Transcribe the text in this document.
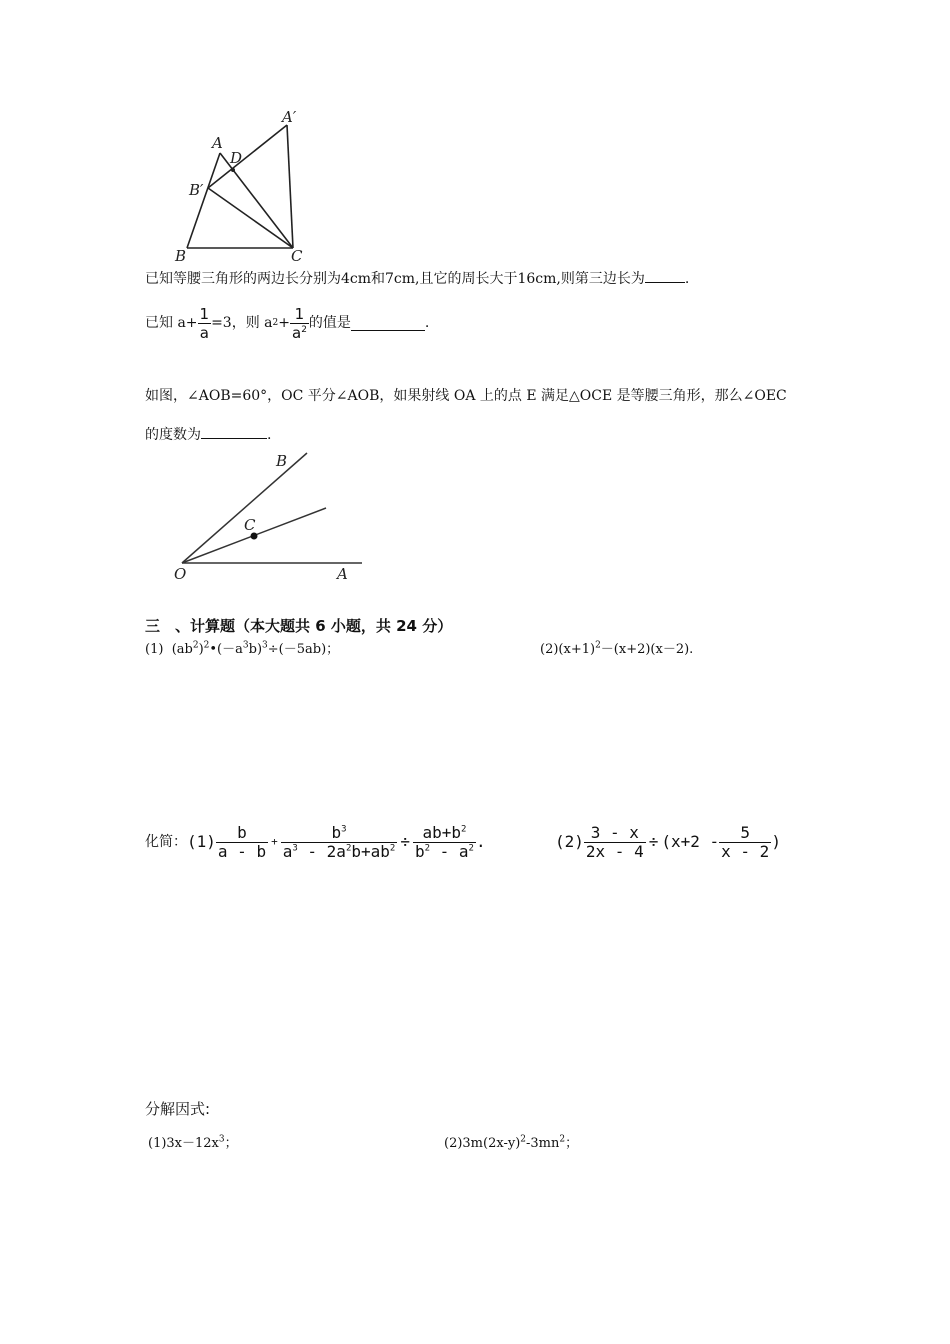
A
A′
D
B′
B	C
已知等腰三角形的两边长分别为4cm和7cm,且它的周长大于16cm,则第三边长为	.
已知 $a+ \frac{1}{a} =3$，则 a $2 + \frac{1}{a^2}$ 的值是	.
如图，∠AOB=60°，OC 平分∠AOB，如果射线 OA 上的点 E 满足△OCE 是等腰三角形，那么∠OEC
的度数为	.
B
C
O	A
三　、计算题（本大题共 6 小题，共 24 分）
(1) $(ab^2)^2•(-a^3b)^3\div(-5ab)$；	$(2)(x+1)^2-(x+2)(x-2)$.
化简： $(1) \frac{b}{a - b} + \frac{b^3}{a^3 - 2a^2b+ab^2} \div \frac{ab+b^2}{b^2 - a^2}$ .	$(2) \frac{3 - x}{2x - 4} \div (x+2 - \frac{5}{x - 2}$ )
分解因式:
$(1)3x-12x^3$；	$(2)3m(2x-y)^2-3mn^2$；
